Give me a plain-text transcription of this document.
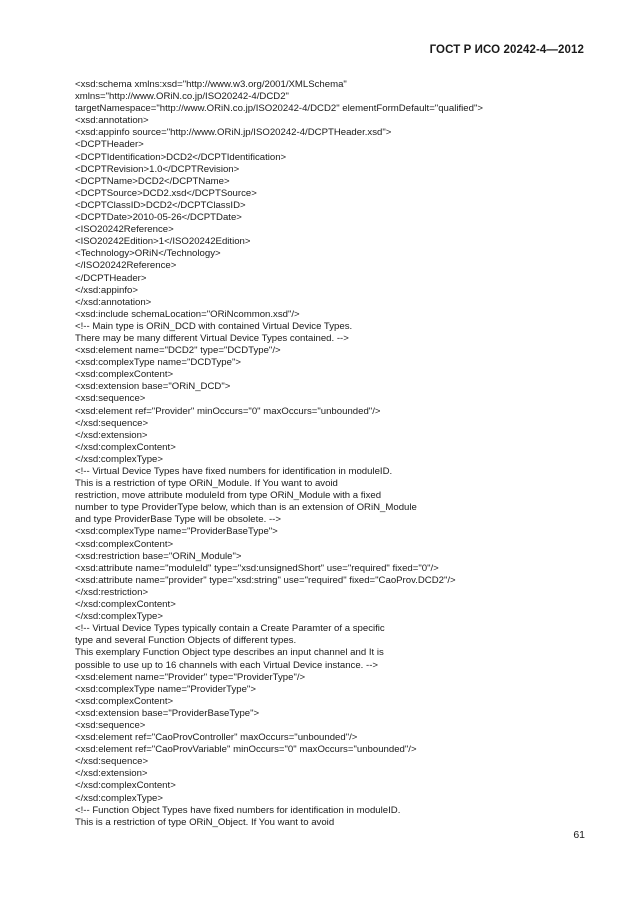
ГОСТ Р ИСО 20242-4—2012
<xsd:schema xmlns:xsd="http://www.w3.org/2001/XMLSchema"
xmlns="http://www.ORiN.co.jp/ISO20242-4/DCD2"
targetNamespace="http://www.ORiN.co.jp/ISO20242-4/DCD2" elementFormDefault="qualified">
<xsd:annotation>
<xsd:appinfo source="http://www.ORiN.jp/ISO20242-4/DCPTHeader.xsd">
<DCPTHeader>
<DCPTIdentification>DCD2</DCPTIdentification>
<DCPTRevision>1.0</DCPTRevision>
<DCPTName>DCD2</DCPTName>
<DCPTSource>DCD2.xsd</DCPTSource>
<DCPTClassID>DCD2</DCPTClassID>
<DCPTDate>2010-05-26</DCPTDate>
<ISO20242Reference>
<ISO20242Edition>1</ISO20242Edition>
<Technology>ORiN</Technology>
</ISO20242Reference>
</DCPTHeader>
</xsd:appinfo>
</xsd:annotation>
<xsd:include schemaLocation="ORiNcommon.xsd"/>
<!-- Main type is ORiN_DCD with contained Virtual Device Types.
There may be many different Virtual Device Types contained. -->
<xsd:element name="DCD2" type="DCDType"/>
<xsd:complexType name="DCDType">
<xsd:complexContent>
<xsd:extension base="ORiN_DCD">
<xsd:sequence>
<xsd:element ref="Provider" minOccurs="0" maxOccurs="unbounded"/>
</xsd:sequence>
</xsd:extension>
</xsd:complexContent>
</xsd:complexType>
<!-- Virtual Device Types have fixed numbers for identification in moduleID.
This is a restriction of type ORiN_Module. If You want to avoid
restriction, move attribute moduleId from type ORiN_Module with a fixed
number to type ProviderType below, which than is an extension of ORiN_Module
and type ProviderBase Type will be obsolete. -->
<xsd:complexType name="ProviderBaseType">
<xsd:complexContent>
<xsd:restriction base="ORiN_Module">
<xsd:attribute name="moduleId" type="xsd:unsignedShort" use="required" fixed="0"/>
<xsd:attribute name="provider" type="xsd:string" use="required" fixed="CaoProv.DCD2"/>
</xsd:restriction>
</xsd:complexContent>
</xsd:complexType>
<!-- Virtual Device Types typically contain a Create Paramter of a specific
type and several Function Objects of different types.
This exemplary Function Object type describes an input channel and It is
possible to use up to 16 channels with each Virtual Device instance. -->
<xsd:element name="Provider" type="ProviderType"/>
<xsd:complexType name="ProviderType">
<xsd:complexContent>
<xsd:extension base="ProviderBaseType">
<xsd:sequence>
<xsd:element ref="CaoProvController" maxOccurs="unbounded"/>
<xsd:element ref="CaoProvVariable" minOccurs="0" maxOccurs="unbounded"/>
</xsd:sequence>
</xsd:extension>
</xsd:complexContent>
</xsd:complexType>
<!-- Function Object Types have fixed numbers for identification in moduleID.
This is a restriction of type ORiN_Object. If You want to avoid
61
